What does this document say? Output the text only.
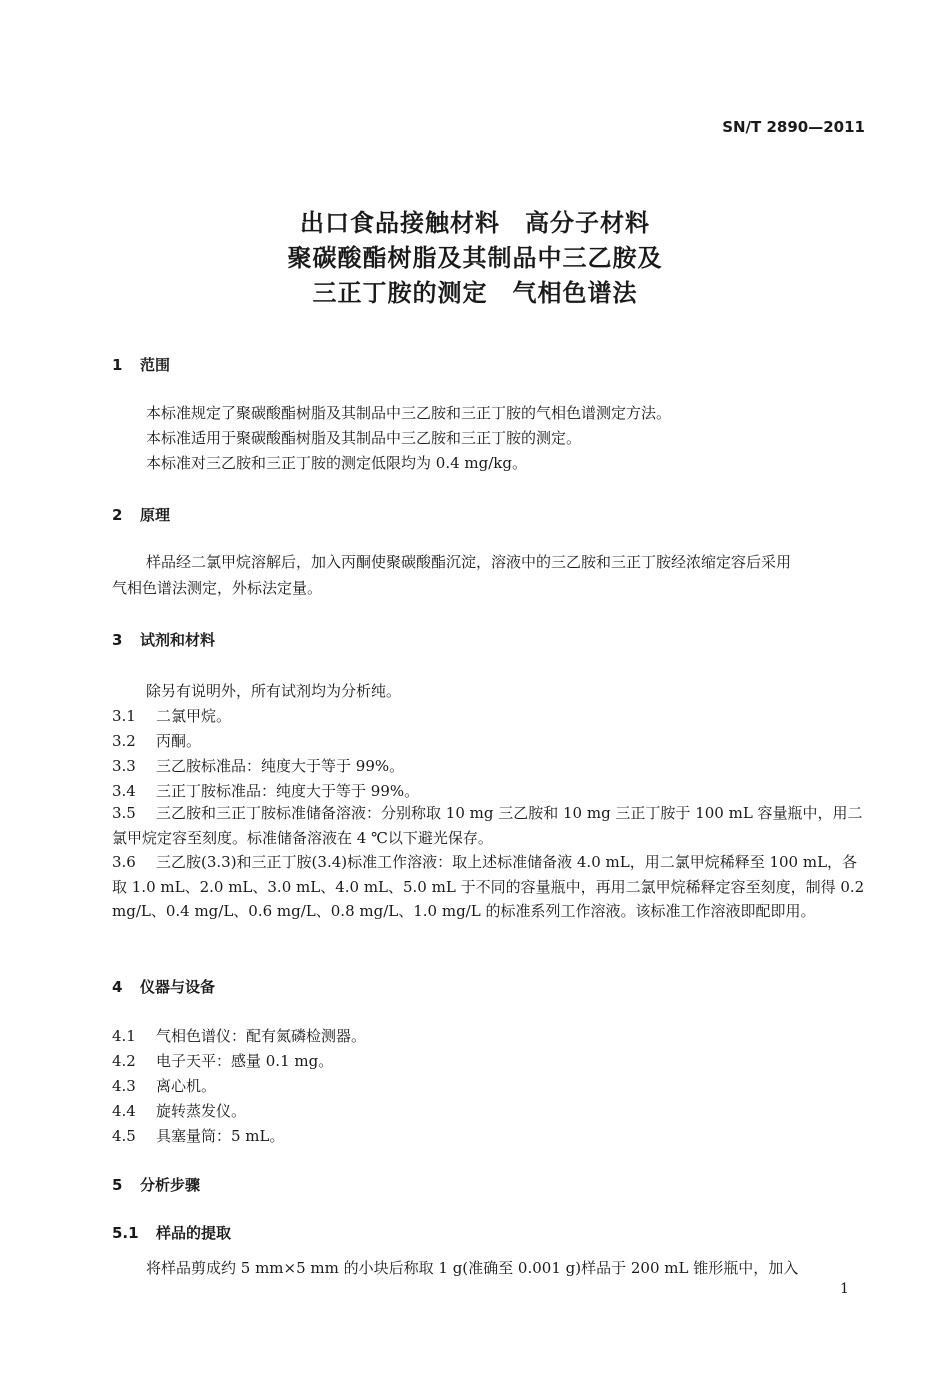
SN/T 2890—2011
出口食品接触材料　高分子材料
聚碳酸酯树脂及其制品中三乙胺及
三正丁胺的测定　气相色谱法
1 范围
本标准规定了聚碳酸酯树脂及其制品中三乙胺和三正丁胺的气相色谱测定方法。
本标准适用于聚碳酸酯树脂及其制品中三乙胺和三正丁胺的测定。
本标准对三乙胺和三正丁胺的测定低限均为 0.4 mg/kg。
2 原理
样品经二氯甲烷溶解后，加入丙酮使聚碳酸酯沉淀，溶液中的三乙胺和三正丁胺经浓缩定容后采用
气相色谱法测定，外标法定量。
3 试剂和材料
除另有说明外，所有试剂均为分析纯。
3.1 二氯甲烷。
3.2 丙酮。
3.3 三乙胺标准品：纯度大于等于 99%。
3.4 三正丁胺标准品：纯度大于等于 99%。
3.5 三乙胺和三正丁胺标准储备溶液：分别称取 10 mg 三乙胺和 10 mg 三正丁胺于 100 mL 容量瓶中，用二氯甲烷定容至刻度。标准储备溶液在 4 ℃以下避光保存。
3.6 三乙胺(3.3)和三正丁胺(3.4)标准工作溶液：取上述标准储备液 4.0 mL，用二氯甲烷稀释至 100 mL，各取 1.0 mL、2.0 mL、3.0 mL、4.0 mL、5.0 mL 于不同的容量瓶中，再用二氯甲烷稀释定容至刻度，制得 0.2 mg/L、0.4 mg/L、0.6 mg/L、0.8 mg/L、1.0 mg/L 的标准系列工作溶液。该标准工作溶液即配即用。
4 仪器与设备
4.1 气相色谱仪：配有氮磷检测器。
4.2 电子天平：感量 0.1 mg。
4.3 离心机。
4.4 旋转蒸发仪。
4.5 具塞量筒：5 mL。
5 分析步骤
5.1 样品的提取
将样品剪成约 5 mm×5 mm 的小块后称取 1 g(准确至 0.001 g)样品于 200 mL 锥形瓶中，加入
1
